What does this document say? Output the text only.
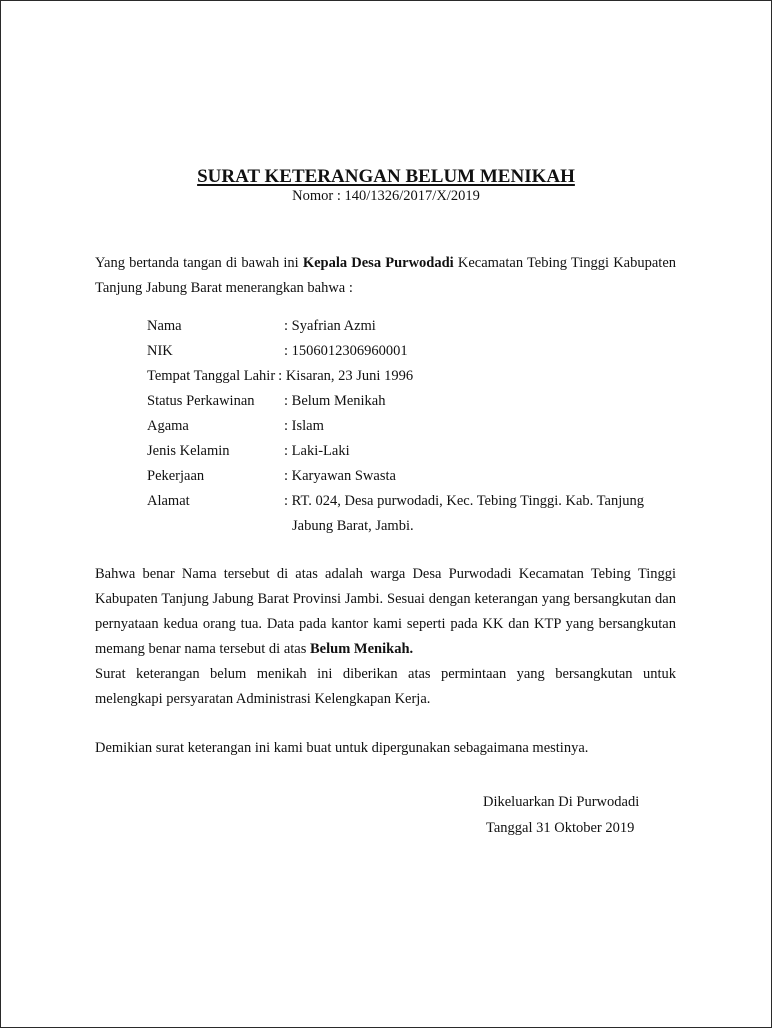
SURAT KETERANGAN BELUM MENIKAH
Nomor : 140/1326/2017/X/2019
Yang bertanda tangan di bawah ini Kepala Desa Purwodadi Kecamatan Tebing Tinggi Kabupaten Tanjung Jabung Barat menerangkan bahwa :
Nama	: Syafrian Azmi
NIK	: 1506012306960001
Tempat Tanggal Lahir : Kisaran, 23 Juni 1996
Status Perkawinan	: Belum Menikah
Agama	: Islam
Jenis Kelamin	: Laki-Laki
Pekerjaan	: Karyawan Swasta
Alamat	: RT. 024, Desa purwodadi, Kec. Tebing Tinggi. Kab. Tanjung
Jabung Barat, Jambi.
Bahwa benar Nama tersebut di atas adalah warga Desa Purwodadi Kecamatan Tebing Tinggi Kabupaten Tanjung Jabung Barat Provinsi Jambi. Sesuai dengan keterangan yang bersangkutan dan pernyataan kedua orang tua. Data pada kantor kami seperti pada KK dan KTP yang bersangkutan memang benar nama tersebut di atas Belum Menikah.
Surat keterangan belum menikah ini diberikan atas permintaan yang bersangkutan untuk melengkapi persyaratan Administrasi Kelengkapan Kerja.
Demikian surat keterangan ini kami buat untuk dipergunakan sebagaimana mestinya.
Dikeluarkan Di Purwodadi
Tanggal 31 Oktober 2019
